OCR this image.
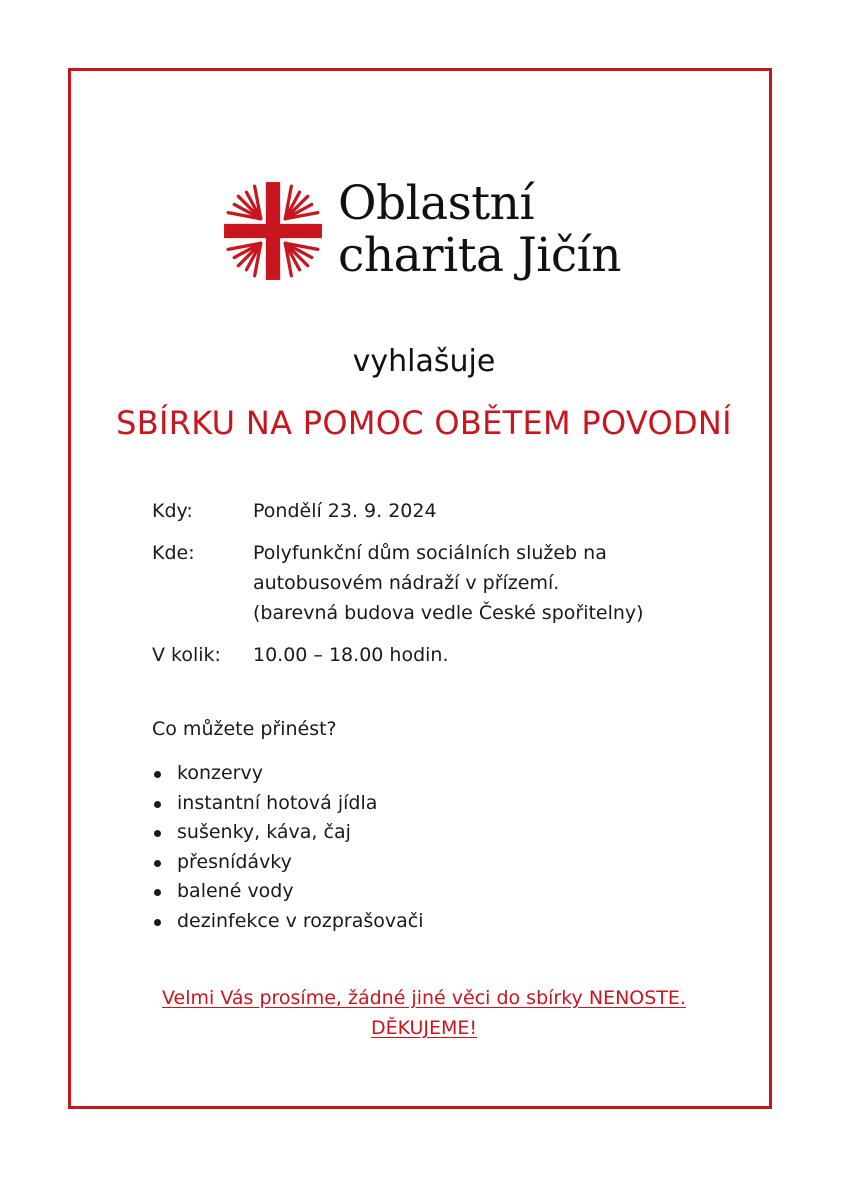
Oblastní
charita Jičín
vyhlašuje
SBÍRKU NA POMOC OBĚTEM POVODNÍ
Kdy:	Pondělí 23. 9. 2024
Kde:	Polyfunkční dům sociálních služeb na
autobusovém nádraží v přízemí.
(barevná budova vedle České spořitelny)
V kolik: 10.00 – 18.00 hodin.
Co můžete přinést?
konzervy
instantní hotová jídla
sušenky, káva, čaj
přesnídávky
balené vody
dezinfekce v rozprašovači
Velmi Vás prosíme, žádné jiné věci do sbírky NENOSTE.
DĚKUJEME!
